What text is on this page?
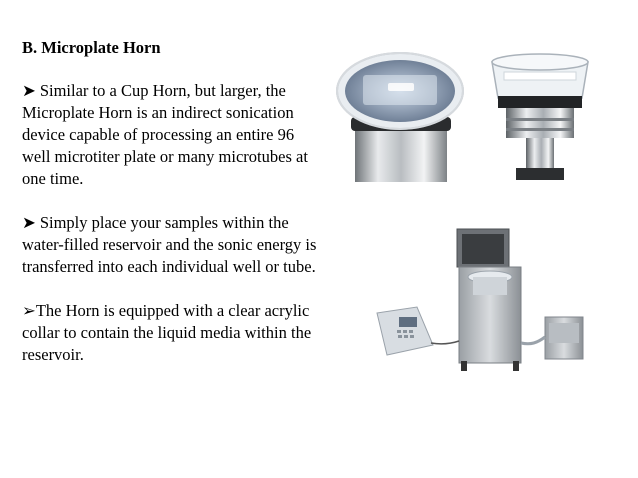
B. Microplate Horn
➤ Similar to a Cup Horn, but larger, the Microplate Horn is an indirect sonication device capable of processing an entire 96 well microtiter plate or many microtubes at one time.
➤ Simply place your samples within the water-filled reservoir and the sonic energy is transferred into each individual well or tube.
➢The Horn is equipped with a clear acrylic collar to contain the liquid media within the reservoir.
